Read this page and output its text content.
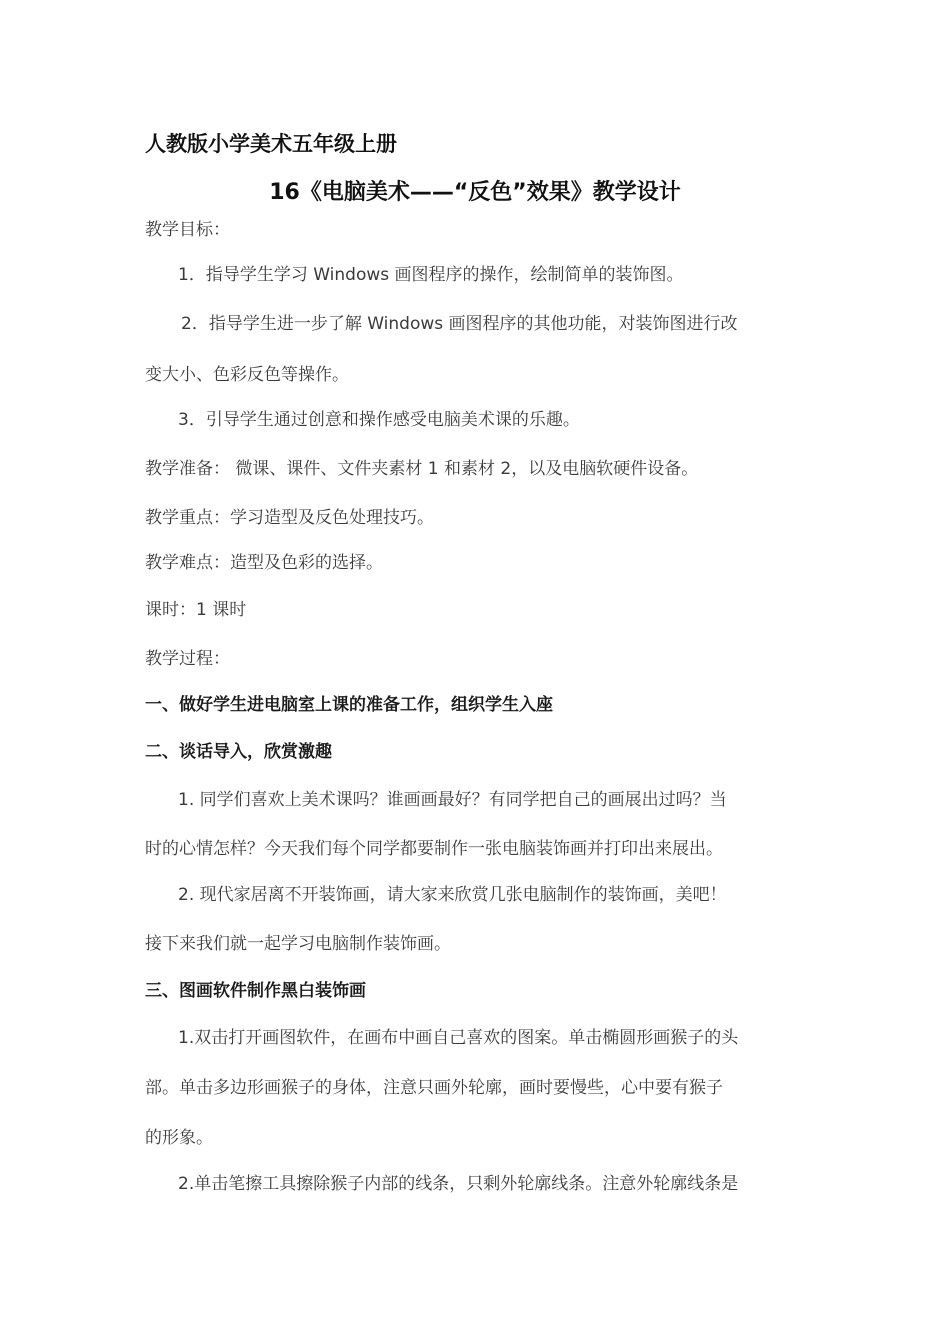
人教版小学美术五年级上册
16《电脑美术——“反色”效果》教学设计
教学目标：
1．指导学生学习 Windows 画图程序的操作，绘制简单的装饰图。
2．指导学生进一步了解 Windows 画图程序的其他功能，对装饰图进行改
变大小、色彩反色等操作。
3．引导学生通过创意和操作感受电脑美术课的乐趣。
教学准备： 微课、课件、文件夹素材 1 和素材 2，以及电脑软硬件设备。
教学重点：学习造型及反色处理技巧。
教学难点：造型及色彩的选择。
课时：1 课时
教学过程：
一、做好学生进电脑室上课的准备工作，组织学生入座
二、谈话导入，欣赏激趣
1. 同学们喜欢上美术课吗？谁画画最好？有同学把自己的画展出过吗？当
时的心情怎样？今天我们每个同学都要制作一张电脑装饰画并打印出来展出。
2. 现代家居离不开装饰画，请大家来欣赏几张电脑制作的装饰画，美吧！
接下来我们就一起学习电脑制作装饰画。
三、图画软件制作黑白装饰画
1.双击打开画图软件，在画布中画自己喜欢的图案。单击椭圆形画猴子的头
部。单击多边形画猴子的身体，注意只画外轮廓，画时要慢些，心中要有猴子
的形象。
2.单击笔擦工具擦除猴子内部的线条，只剩外轮廓线条。注意外轮廓线条是
